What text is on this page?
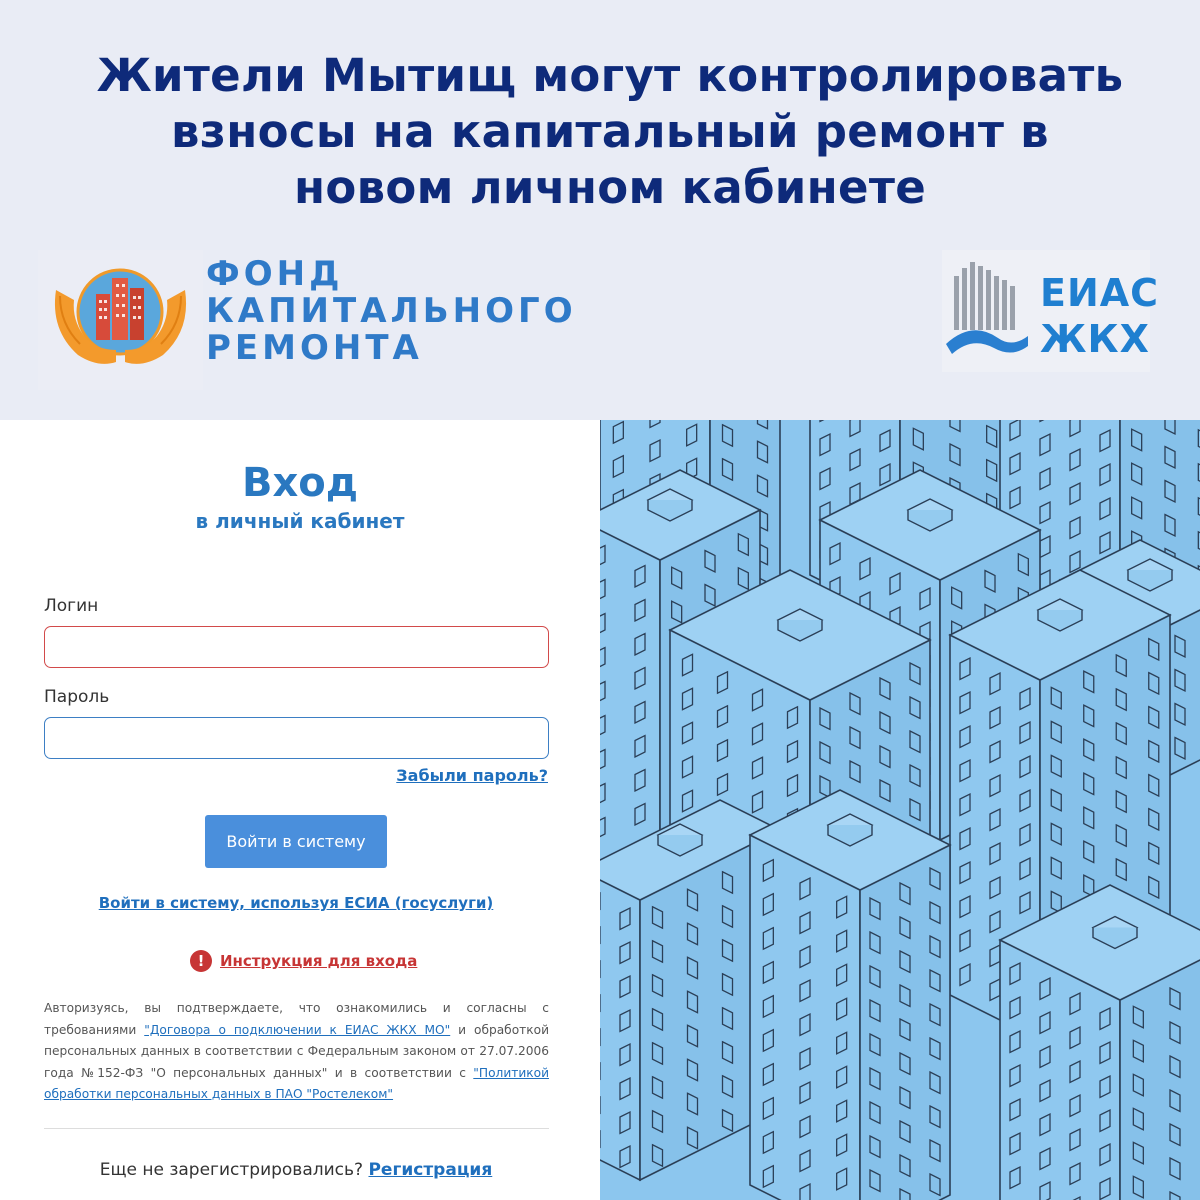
Жители Мытищ могут контролировать
взносы на капитальный ремонт в
новом личном кабинете
ФОНД
КАПИТАЛЬНОГО
РЕМОНТА
ЕИАС
ЖКХ
Вход
в личный кабинет
Логин
Пароль
Забыли пароль?
Войти в систему
Войти в систему, используя ЕСИА (госуслуги)
!	Инструкция для входа
Авторизуясь, вы подтверждаете, что ознакомились и согласны с требованиями "Договора о подключении к ЕИАС ЖКХ МО" и обработкой персональных данных в соответствии с Федеральным законом от 27.07.2006 года №152-ФЗ "О персональных данных" и в соответствии с "Политикой обработки персональных данных в ПАО "Ростелеком"
Еще не зарегистрировались? Регистрация
